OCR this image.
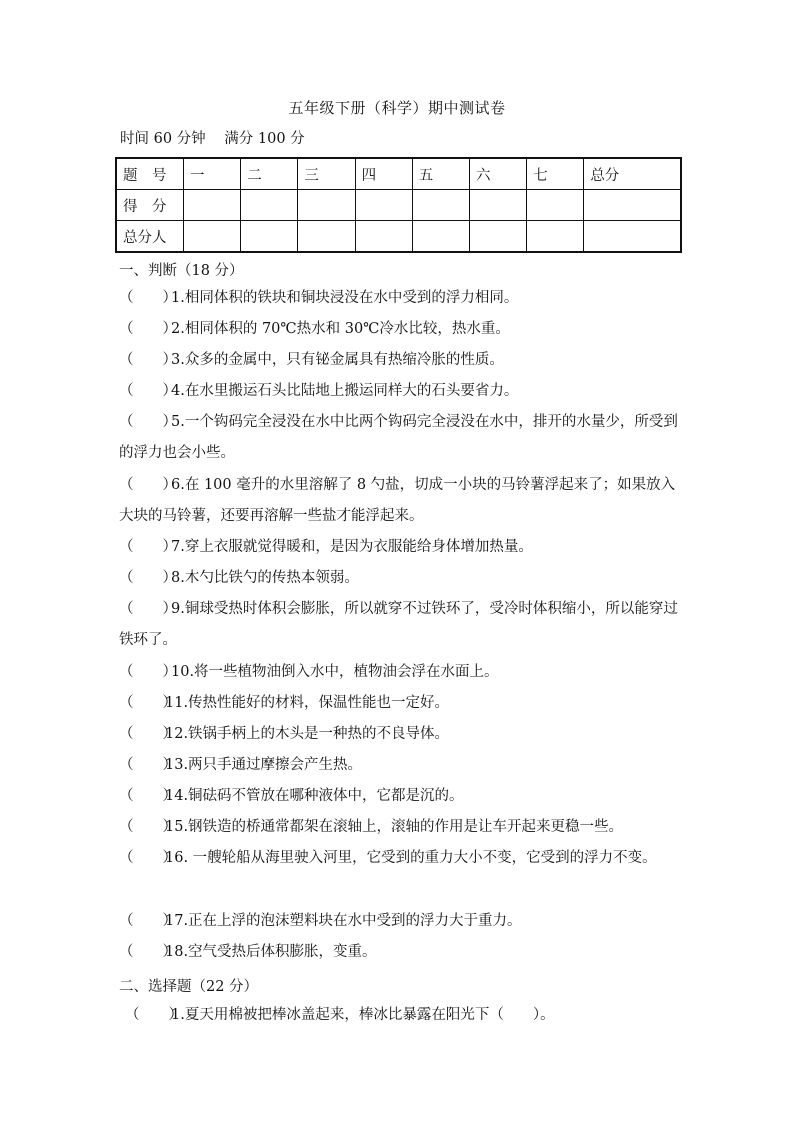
五年级下册（科学）期中测试卷
时间 60 分钟 满分 100 分
题　号	一	二	三	四	五	六	七	总分
得　分								
总分人								
一、判断（18 分）
（　　）1.相同体积的铁块和铜块浸没在水中受到的浮力相同。
（　　）2.相同体积的 70℃热水和 30℃冷水比较，热水重。
（　　）3.众多的金属中，只有铋金属具有热缩冷胀的性质。
（　　）4.在水里搬运石头比陆地上搬运同样大的石头要省力。
（　　）5.一个钩码完全浸没在水中比两个钩码完全浸没在水中，排开的水量少，所受到的浮力也会小些。
（　　）6.在 100 毫升的水里溶解了 8 勺盐，切成一小块的马铃薯浮起来了；如果放入大块的马铃薯，还要再溶解一些盐才能浮起来。
（　　）7.穿上衣服就觉得暖和，是因为衣服能给身体增加热量。
（　　）8.木勺比铁勺的传热本领弱。
（　　）9.铜球受热时体积会膨胀，所以就穿不过铁环了，受冷时体积缩小，所以能穿过铁环了。
（　　）10.将一些植物油倒入水中，植物油会浮在水面上。
（　　）11.传热性能好的材料，保温性能也一定好。
（　　）12.铁锅手柄上的木头是一种热的不良导体。
（　　）13.两只手通过摩擦会产生热。
（　　）14.铜砝码不管放在哪种液体中，它都是沉的。
（　　）15.钢铁造的桥通常都架在滚轴上，滚轴的作用是让车开起来更稳一些。
（　　）16. 一艘轮船从海里驶入河里，它受到的重力大小不变，它受到的浮力不变。
（　　）17.正在上浮的泡沫塑料块在水中受到的浮力大于重力。
（　　）18.空气受热后体积膨胀，变重。
二、选择题（22 分）
（　　）1.夏天用棉被把棒冰盖起来，棒冰比暴露在阳光下（　　）。
